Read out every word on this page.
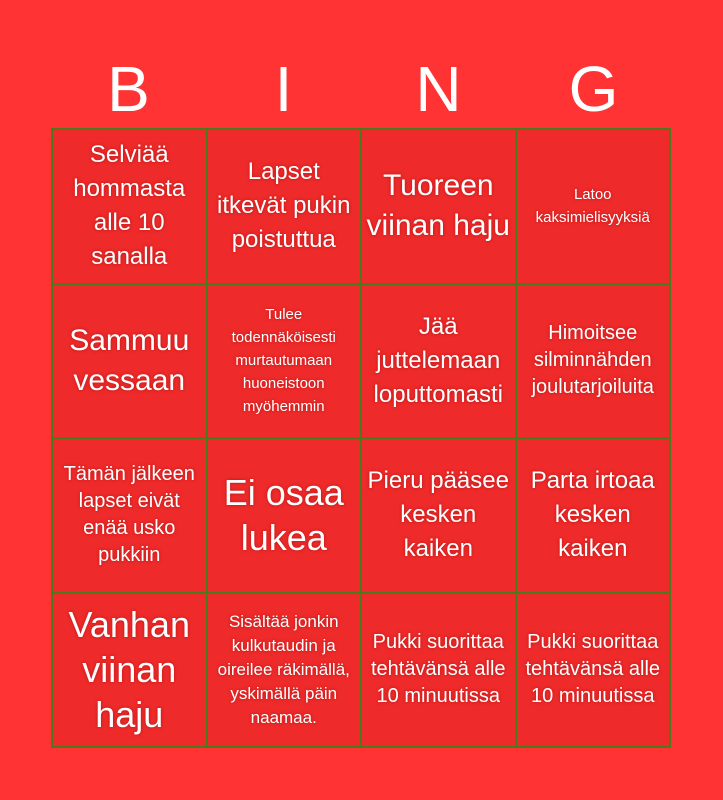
B	I	N	G
Selviää hommasta alle 10 sanalla
Lapset itkevät pukin poistuttua
Tuoreen viinan haju
Latoo kaksimielisyyksiä
Sammuu vessaan
Tulee todennäköisesti murtautumaan huoneistoon myöhemmin
Jää juttelemaan loputtomasti
Himoitsee silminnähden joulutarjoiluita
Tämän jälkeen lapset eivät enää usko pukkiin
Ei osaa lukea
Pieru pääsee kesken kaiken
Parta irtoaa kesken kaiken
Vanhan viinan haju
Sisältää jonkin kulkutaudin ja oireilee räkimällä, yskimällä päin naamaa.
Pukki suorittaa tehtävänsä alle 10 minuutissa
Pukki suorittaa tehtävänsä alle 10 minuutissa
